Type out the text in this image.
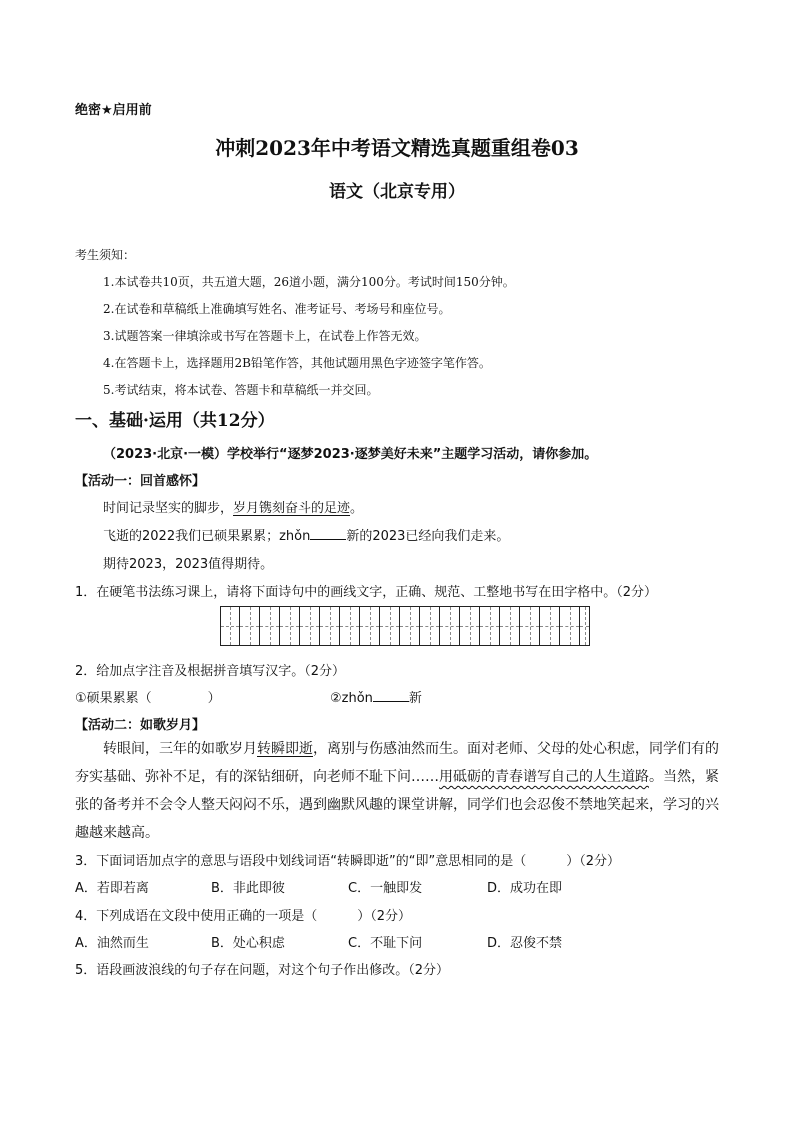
绝密★启用前
冲刺2023年中考语文精选真题重组卷03
语文（北京专用）
考生须知：
1.本试卷共10页，共五道大题，26道小题，满分100分。考试时间150分钟。
2.在试卷和草稿纸上准确填写姓名、准考证号、考场号和座位号。
3.试题答案一律填涂或书写在答题卡上，在试卷上作答无效。
4.在答题卡上，选择题用2B铅笔作答，其他试题用黑色字迹签字笔作答。
5.考试结束，将本试卷、答题卡和草稿纸一并交回。
一、基础·运用（共12分）
（2023·北京·一模）学校举行“逐梦2023·逐梦美好未来”主题学习活动，请你参加。
【活动一：回首感怀】
时间记录坚实的脚步，岁月镌刻奋斗的足迹。
飞逝的2022我们已硕果累累；zhǒn	新的2023已经向我们走来。
期待2023，2023值得期待。
1．在硬笔书法练习课上，请将下面诗句中的画线文字，正确、规范、工整地书写在田字格中。（2分）
2．给加点字注音及根据拼音填写汉字。（2分）
①硕果累累（	）	②zhǒn	新
【活动二：如歌岁月】
转眼间，三年的如歌岁月转瞬即逝，离别与伤感油然而生。面对老师、父母的处心积虑，同学们有的夯实基础、弥补不足，有的深钻细研，向老师不耻下问……用砥砺的青春谱写自己的人生道路。当然，紧张的备考并不会令人整天闷闷不乐，遇到幽默风趣的课堂讲解，同学们也会忍俊不禁地笑起来，学习的兴趣越来越高。
3．下面词语加点字的意思与语段中划线词语“转瞬即逝”的“即”意思相同的是（	）（2分）
A．若即若离	B．非此即彼	C．一触即发	D．成功在即
4．下列成语在文段中使用正确的一项是（	）（2分）
A．油然而生	B．处心积虑	C．不耻下问	D．忍俊不禁
5．语段画波浪线的句子存在问题，对这个句子作出修改。（2分）
